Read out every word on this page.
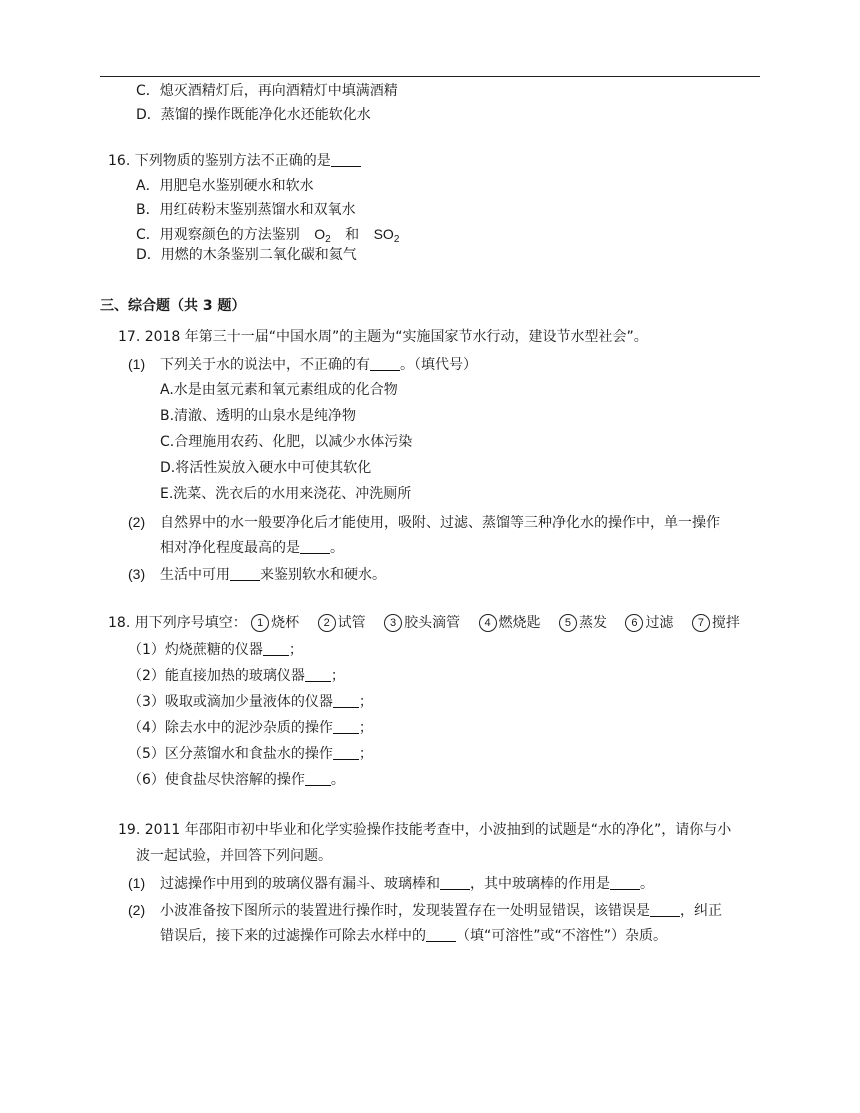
C．熄灭酒精灯后，再向酒精灯中填满酒精
D．蒸馏的操作既能净化水还能软化水
16. 下列物质的鉴别方法不正确的是
A．用肥皂水鉴别硬水和软水
B．用红砖粉末鉴别蒸馏水和双氧水
C．用观察颜色的方法鉴别 $O_2$ 和 $SO_2$
D．用燃的木条鉴别二氧化碳和氦气
三、综合题（共 3 题）
17. 2018 年第三十一届“中国水周”的主题为“实施国家节水行动，建设节水型社会”。
(1) 下列关于水的说法中，不正确的有 。（填代号）
A.水是由氢元素和氧元素组成的化合物
B.清澈、透明的山泉水是纯净物
C.合理施用农药、化肥，以减少水体污染
D.将活性炭放入硬水中可使其软化
E.洗菜、洗衣后的水用来浇花、冲洗厕所
(2) 自然界中的水一般要净化后才能使用，吸附、过滤、蒸馏等三种净化水的操作中，单一操作
相对净化程度最高的是 。
(3) 生活中可用 来鉴别软水和硬水。
18. 用下列序号填空： 1 烧杯 2 试管 3 胶头滴管 4 燃烧匙 5 蒸发 6 过滤 7 搅拌
（1）灼烧蔗糖的仪器 ；
（2）能直接加热的玻璃仪器 ；
（3）吸取或滴加少量液体的仪器 ；
（4）除去水中的泥沙杂质的操作 ；
（5）区分蒸馏水和食盐水的操作 ；
（6）使食盐尽快溶解的操作 。
19. 2011 年邵阳市初中毕业和化学实验操作技能考查中，小波抽到的试题是“水的净化”，请你与小
波一起试验，并回答下列问题。
(1) 过滤操作中用到的玻璃仪器有漏斗、玻璃棒和 ，其中玻璃棒的作用是 。
(2) 小波准备按下图所示的装置进行操作时，发现装置存在一处明显错误，该错误是 ，纠正
错误后，接下来的过滤操作可除去水样中的 （填“可溶性”或“不溶性”）杂质。
